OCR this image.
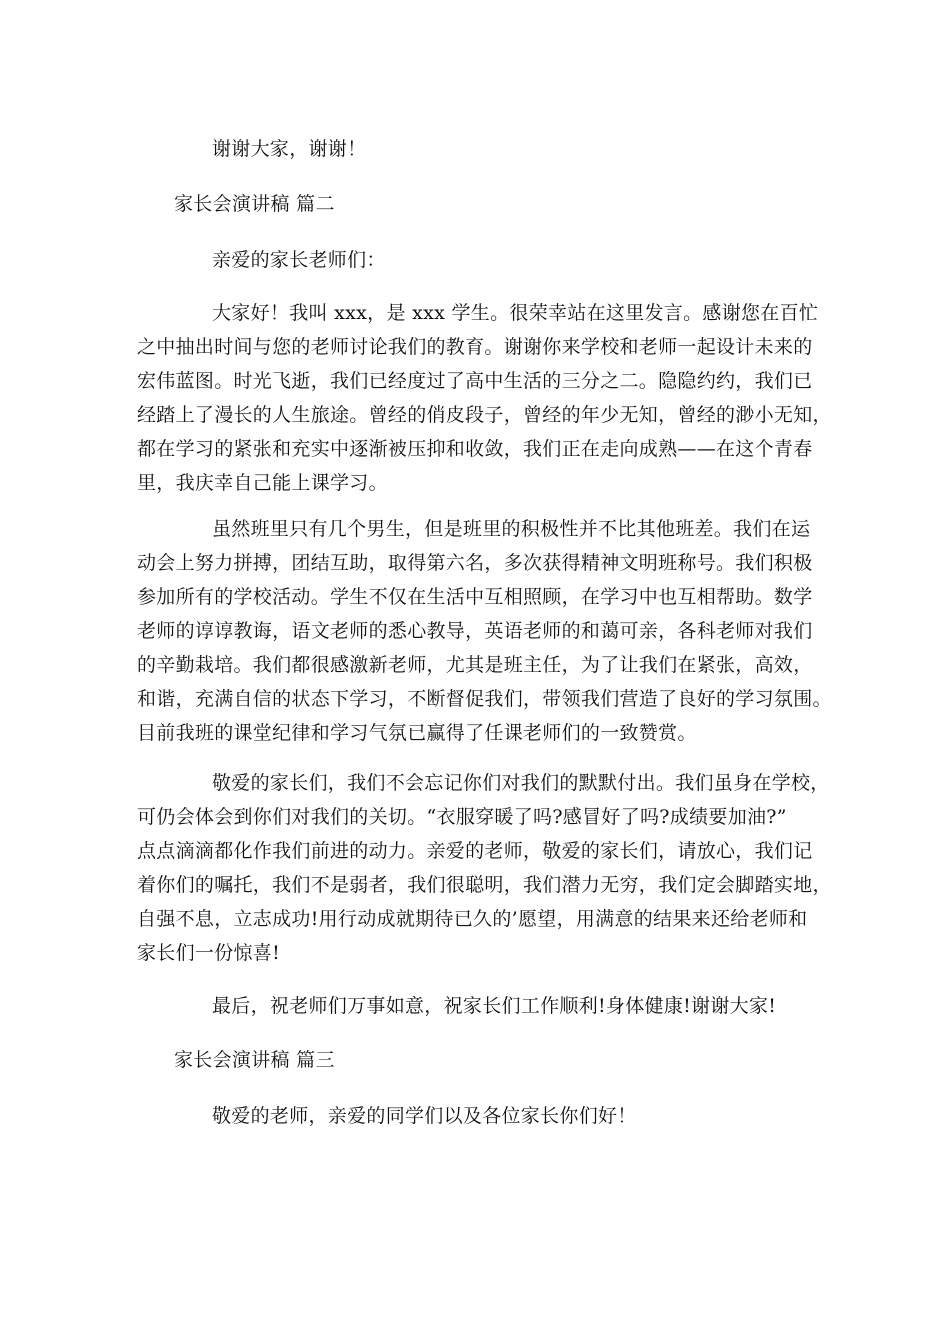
谢谢大家，谢谢！
家长会演讲稿 篇二
亲爱的家长老师们：
大家好！我叫 xxx，是 xxx 学生。很荣幸站在这里发言。感谢您在百忙
之中抽出时间与您的老师讨论我们的教育。谢谢你来学校和老师一起设计未来的
宏伟蓝图。时光飞逝，我们已经度过了高中生活的三分之二。隐隐约约，我们已
经踏上了漫长的人生旅途。曾经的俏皮段子，曾经的年少无知，曾经的渺小无知，
都在学习的紧张和充实中逐渐被压抑和收敛，我们正在走向成熟——在这个青春
里，我庆幸自己能上课学习。
虽然班里只有几个男生，但是班里的积极性并不比其他班差。我们在运
动会上努力拼搏，团结互助，取得第六名，多次获得精神文明班称号。我们积极
参加所有的学校活动。学生不仅在生活中互相照顾，在学习中也互相帮助。数学
老师的谆谆教诲，语文老师的悉心教导，英语老师的和蔼可亲，各科老师对我们
的辛勤栽培。我们都很感激新老师，尤其是班主任，为了让我们在紧张，高效，
和谐，充满自信的状态下学习，不断督促我们，带领我们营造了良好的学习氛围。
目前我班的课堂纪律和学习气氛已赢得了任课老师们的一致赞赏。
敬爱的家长们，我们不会忘记你们对我们的默默付出。我们虽身在学校，
可仍会体会到你们对我们的关切。“衣服穿暖了吗?感冒好了吗?成绩要加油?”
点点滴滴都化作我们前进的动力。亲爱的老师，敬爱的家长们，请放心，我们记
着你们的嘱托，我们不是弱者，我们很聪明，我们潜力无穷，我们定会脚踏实地，
自强不息，立志成功!用行动成就期待已久的’愿望，用满意的结果来还给老师和
家长们一份惊喜!
最后，祝老师们万事如意，祝家长们工作顺利!身体健康!谢谢大家!
家长会演讲稿 篇三
敬爱的老师，亲爱的同学们以及各位家长你们好！
